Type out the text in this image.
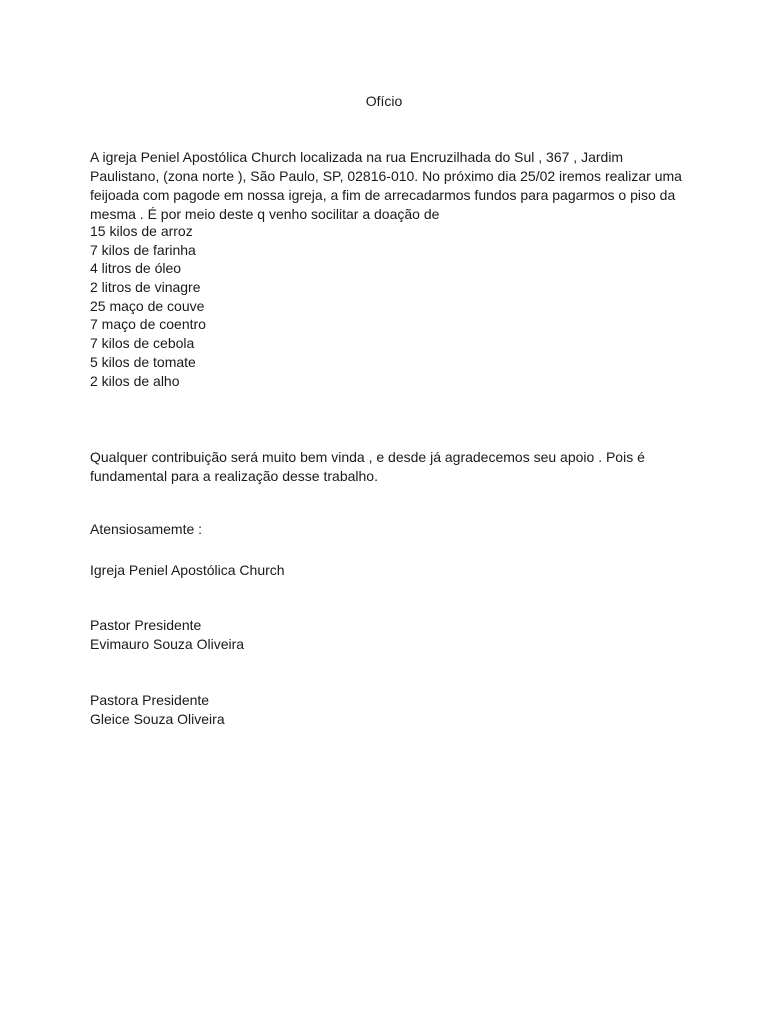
Ofício
A igreja Peniel Apostólica Church localizada na rua Encruzilhada do Sul , 367 , Jardim Paulistano, (zona norte ), São Paulo, SP, 02816-010. No próximo dia 25/02 iremos realizar uma feijoada com pagode em nossa igreja, a fim de arrecadarmos fundos para pagarmos o piso da mesma . É por meio deste q venho socilitar a doação de
15 kilos de arroz
7 kilos de farinha
4 litros de óleo
2 litros de vinagre
25 maço de couve
7 maço de coentro
7 kilos de cebola
5 kilos de tomate
2 kilos de alho
Qualquer contribuição será muito bem vinda , e desde já agradecemos seu apoio . Pois é fundamental para a realização desse trabalho.
Atensiosamemte :
Igreja Peniel Apostólica Church
Pastor Presidente
Evimauro Souza Oliveira
Pastora Presidente
Gleice Souza Oliveira
